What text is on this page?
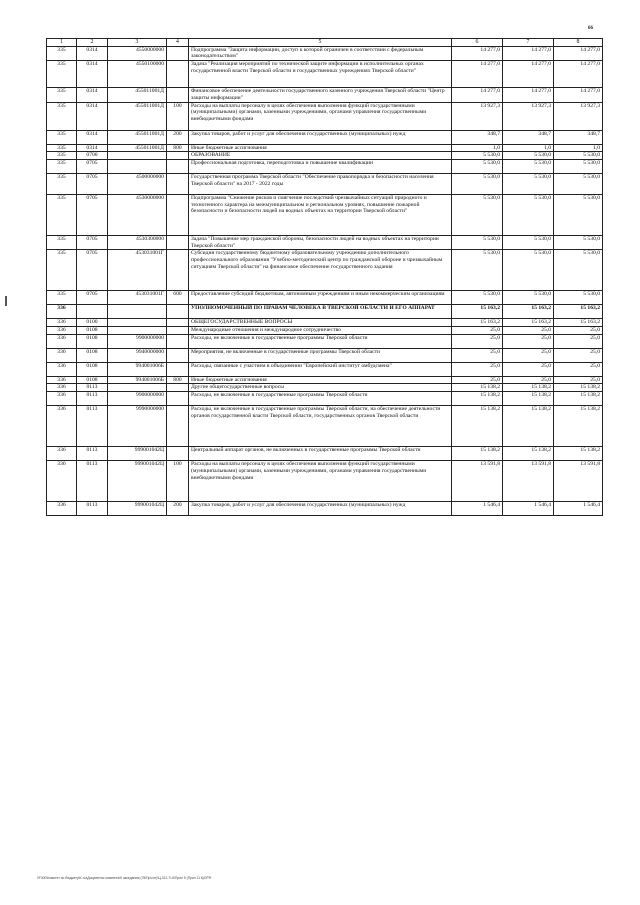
66
1	2	3	4	5	6	7	8
335	0314	4550000000		Подпрограмма "Защита информации, доступ к которой ограничен в соответствии с федеральным законодательством"	14 277,0	14 277,0	14 277,0
335	0314	4550100000		Задача "Реализация мероприятий по технической защите информации в исполнительных органах государственной власти Тверской области и государственных учреждениях Тверской области"	14 277,0	14 277,0	14 277,0
335	0314	455011001Д		Финансовое обеспечение деятельности государственного казенного учреждения Тверской области "Центр защиты информации"	14 277,0	14 277,0	14 277,0
335	0314	455011001Д	100	Расходы на выплаты персоналу в целях обеспечения выполнения функций государственными (муниципальными) органами, казенными учреждениями, органами управления государственными внебюджетными фондами	13 927,3	13 927,3	13 927,3
335	0314	455011001Д	200	Закупка товаров, работ и услуг для обеспечения государственных (муниципальных) нужд	348,7	348,7	348,7
335	0314	455011001Д	800	Иные бюджетные ассигнования	1,0	1,0	1,0
335	0700			ОБРАЗОВАНИЕ	5 530,0	5 530,0	5 530,0
335	0705			Профессиональная подготовка, переподготовка и повышение квалификации	5 530,0	5 530,0	5 530,0
335	0705	4500000000		Государственная программа Тверской области "Обеспечение правопорядка и безопасности населения Тверской области" на 2017 - 2022 годы	5 530,0	5 530,0	5 530,0
335	0705	4530000000		Подпрограмма "Снижение рисков и смягчение последствий чрезвычайных ситуаций природного и техногенного характера на межмуниципальном и региональном уровнях, повышение пожарной безопасности и безопасности людей на водных объектах на территории Тверской области"	5 530,0	5 530,0	5 530,0
335	0705	4530300000		Задача "Повышение мер гражданской обороны, безопасности людей на водных объектах на территории Тверской области"	5 530,0	5 530,0	5 530,0
335	0705	453031001Г		Субсидия государственному бюджетному образовательному учреждению дополнительного профессионального образования "Учебно-методический центр по гражданской обороне и чрезвычайным ситуациям Тверской области" на финансовое обеспечение государственного задания	5 530,0	5 530,0	5 530,0
335	0705	453031001Г	600	Предоставление субсидий бюджетным, автономным учреждениям и иным некоммерческим организациям	5 530,0	5 530,0	5 530,0
336				УПОЛНОМОЧЕННЫЙ ПО ПРАВАМ ЧЕЛОВЕКА В ТВЕРСКОЙ ОБЛАСТИ И ЕГО АППАРАТ	15 163,2	15 163,2	15 163,2
336	0100			ОБЩЕГОСУДАРСТВЕННЫЕ ВОПРОСЫ	15 163,2	15 163,2	15 163,2
336	0108			Международные отношения и международное сотрудничество	25,0	25,0	25,0
336	0108	9900000000		Расходы, не включенные в государственные программы Тверской области	25,0	25,0	25,0
336	0108	9940000000		Мероприятия, не включенные в государственные программы Тверской области	25,0	25,0	25,0
336	0108	994001006Б		Расходы, связанные с участием в объединении "Европейский институт омбудсмена"	25,0	25,0	25,0
336	0108	994001006Б	800	Иные бюджетные ассигнования	25,0	25,0	25,0
336	0113			Другие общегосударственные вопросы	15 138,2	15 138,2	15 138,2
336	0113	9900000000		Расходы, не включенные в государственные программы Тверской области	15 138,2	15 138,2	15 138,2
336	0113	9990000000		Расходы, не включенные в государственные программы Тверской области, на обеспечение деятельности органов государственной власти Тверской области, государственных органов Тверской области	15 138,2	15 138,2	15 138,2
336	0113	999001042Ц		Центральный аппарат органов, не включенных в государственные программы Тверской области	15 138,2	15 138,2	15 138,2
336	0113	999001042Ц	100	Расходы на выплаты персоналу в целях обеспечения выполнения функций государственными (муниципальными) органами, казенными учреждениями, органами управления государственными внебюджетными фондами	13 591,8	13 591,8	13 591,8
336	0113	999001042Ц	200	Закупка товаров, работ и услуг для обеспечения государственных (муниципальных) нужд	1 546,4	1 546,4	1 546,4
\\F400\Комитет по бюджету\К-ты\Документы комитета\К заседанию (75\Пр\сот)\Ц-312-7\-6\Прил 5 (Прил 11 6)ОРЯ
